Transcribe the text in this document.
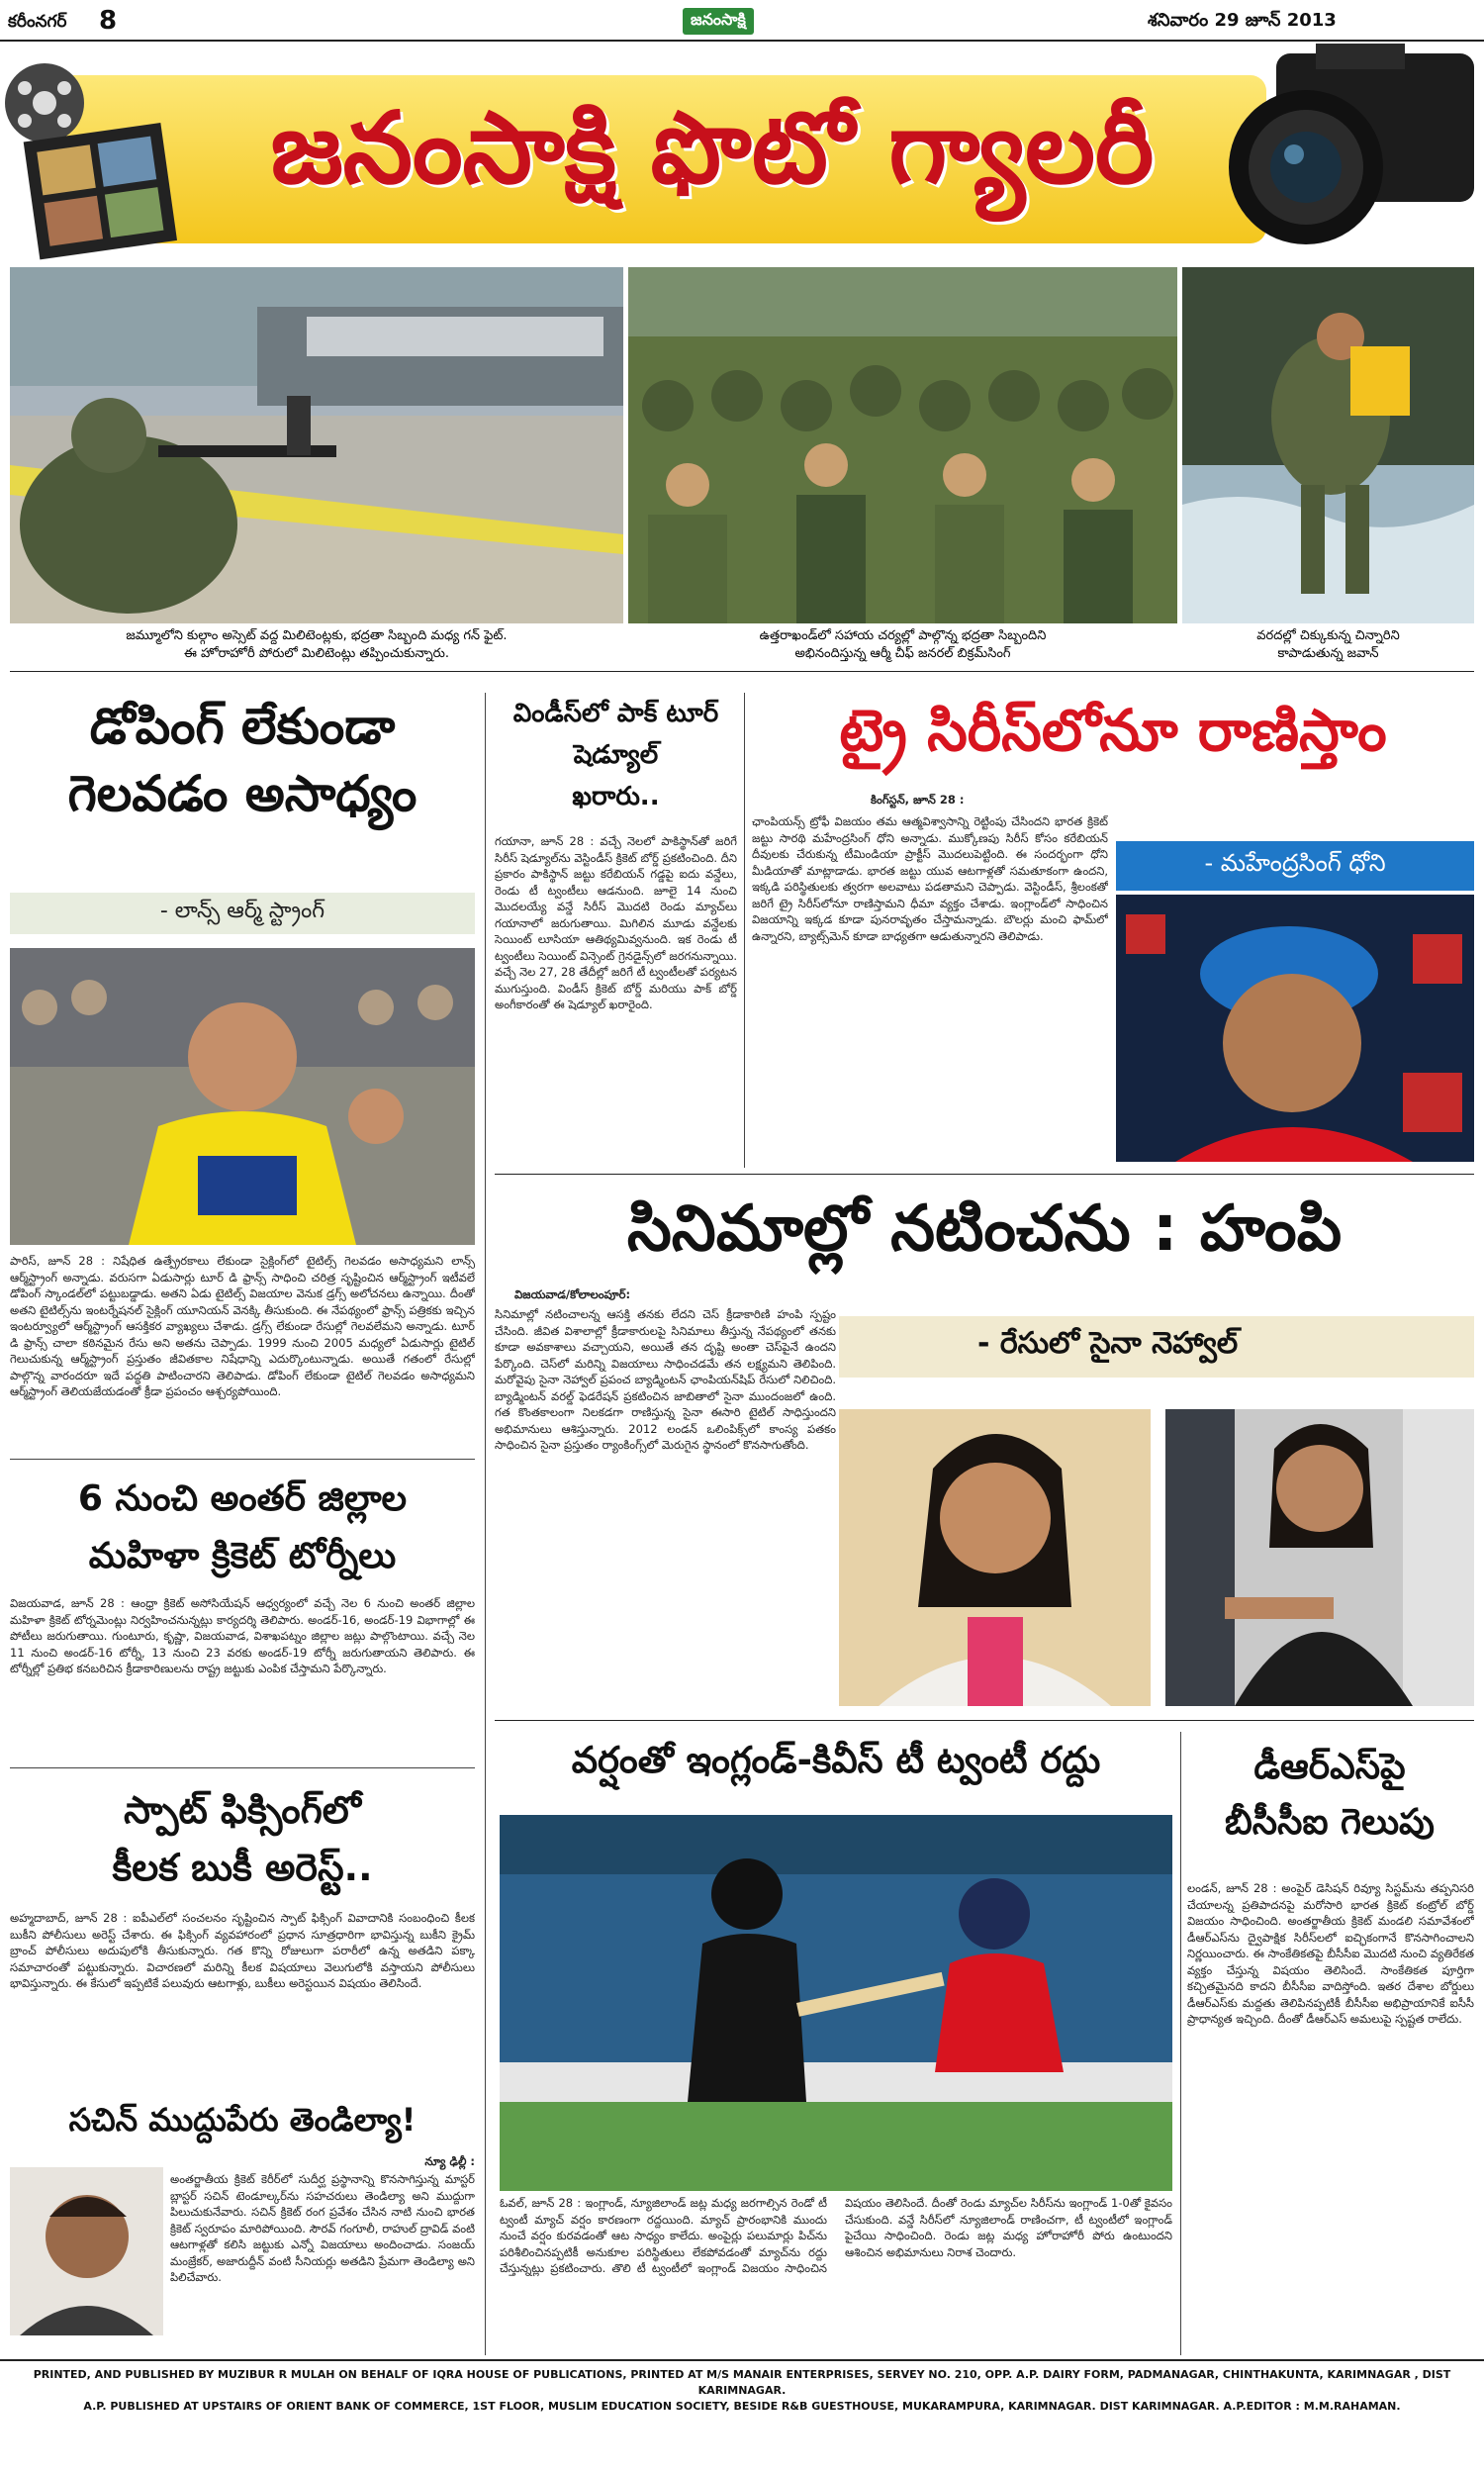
కరీంనగర్ 8	జనంసాక్షి	శనివారం 29 జూన్ 2013
జనంసాక్షి ఫొటో గ్యాలరీ
జమ్మూలోని కుల్గాం అస్సెట్ వద్ద మిలిటెంట్లకు, భద్రతా సిబ్బంది మధ్య గన్ ఫైట్.
ఈ హోరాహోరీ పోరులో మిలిటెంట్లు తప్పించుకున్నారు.
ఉత్తరాఖండ్‌లో సహాయ చర్యల్లో పాల్గొన్న భద్రతా సిబ్బందిని
అభినందిస్తున్న ఆర్మీ చీఫ్ జనరల్ బిక్రమ్‌సింగ్
వరదల్లో చిక్కుకున్న చిన్నారిని
కాపాడుతున్న జవాన్
డోపింగ్ లేకుండా
గెలవడం అసాధ్యం
- లాన్స్ ఆర్మ్ స్ట్రాంగ్
పారిస్, జూన్ 28 : నిషేధిత ఉత్ప్రేరకాలు లేకుండా సైక్లింగ్‌లో టైటిల్స్ గెలవడం అసాధ్యమని లాన్స్ ఆర్మ్‌స్ట్రాంగ్ అన్నాడు. వరుసగా ఏడుసార్లు టూర్ డి ఫ్రాన్స్ సాధించి చరిత్ర సృష్టించిన ఆర్మ్‌స్ట్రాంగ్ ఇటీవలే డోపింగ్ స్కాండల్‌లో పట్టుబడ్డాడు. అతని ఏడు టైటిల్స్ విజయాల వెనుక డ్రగ్స్ అలోచనలు ఉన్నాయి. దీంతో అతని టైటిల్స్‌ను ఇంటర్నేషనల్ సైక్లింగ్ యూనియన్ వెనక్కి తీసుకుంది. ఈ నేపథ్యంలో ఫ్రాన్స్ పత్రికకు ఇచ్చిన ఇంటర్వ్యూలో ఆర్మ్‌స్ట్రాంగ్ ఆసక్తికర వ్యాఖ్యలు చేశాడు. డ్రగ్స్ లేకుండా రేసుల్లో గెలవలేమని అన్నాడు. టూర్ డి ఫ్రాన్స్ చాలా కఠినమైన రేసు అని అతను చెప్పాడు. 1999 నుంచి 2005 మధ్యలో ఏడుసార్లు టైటిల్ గెలుచుకున్న ఆర్మ్‌స్ట్రాంగ్ ప్రస్తుతం జీవితకాల నిషేధాన్ని ఎదుర్కొంటున్నాడు. అయితే గతంలో రేసుల్లో పాల్గొన్న వారందరూ ఇదే పద్ధతి పాటించారని తెలిపాడు. డోపింగ్ లేకుండా టైటిల్ గెలవడం అసాధ్యమని ఆర్మ్‌స్ట్రాంగ్ తెలియజేయడంతో క్రీడా ప్రపంచం ఆశ్చర్యపోయింది.
6 నుంచి అంతర్ జిల్లాల
మహిళా క్రికెట్ టోర్నీలు
విజయవాడ, జూన్ 28 : ఆంధ్రా క్రికెట్ అసోసియేషన్ ఆధ్వర్యంలో వచ్చే నెల 6 నుంచి అంతర్ జిల్లాల మహిళా క్రికెట్ టోర్నమెంట్లు నిర్వహించనున్నట్లు కార్యదర్శి తెలిపారు. అండర్-16, అండర్-19 విభాగాల్లో ఈ పోటీలు జరుగుతాయి. గుంటూరు, కృష్ణా, విజయవాడ, విశాఖపట్నం జిల్లాల జట్లు పాల్గొంటాయి. వచ్చే నెల 11 నుంచి అండర్-16 టోర్నీ, 13 నుంచి 23 వరకు అండర్-19 టోర్నీ జరుగుతాయని తెలిపారు. ఈ టోర్నీల్లో ప్రతిభ కనబరిచిన క్రీడాకారిణులను రాష్ట్ర జట్టుకు ఎంపిక చేస్తామని పేర్కొన్నారు.
స్పాట్ ఫిక్సింగ్‌లో
కీలక బుకీ అరెస్ట్..
అహ్మదాబాద్, జూన్ 28 : ఐపీఎల్‌లో సంచలనం సృష్టించిన స్పాట్ ఫిక్సింగ్ వివాదానికి సంబంధించి కీలక బుకీని పోలీసులు అరెస్ట్ చేశారు. ఈ ఫిక్సింగ్ వ్యవహారంలో ప్రధాన సూత్రధారిగా భావిస్తున్న బుకీని క్రైమ్ బ్రాంచ్ పోలీసులు అదుపులోకి తీసుకున్నారు. గత కొన్ని రోజులుగా పరారీలో ఉన్న అతడిని పక్కా సమాచారంతో పట్టుకున్నారు. విచారణలో మరిన్ని కీలక విషయాలు వెలుగులోకి వస్తాయని పోలీసులు భావిస్తున్నారు. ఈ కేసులో ఇప్పటికే పలువురు ఆటగాళ్లు, బుకీలు అరెస్టయిన విషయం తెలిసిందే.
సచిన్ ముద్దుపేరు తెండిల్యా!
న్యూ ఢిల్లీ :
అంతర్జాతీయ క్రికెట్ కెరీర్‌లో సుదీర్ఘ ప్రస్థానాన్ని కొనసాగిస్తున్న మాస్టర్ బ్లాస్టర్ సచిన్ టెండూల్కర్‌ను సహచరులు తెండిల్యా అని ముద్దుగా పిలుచుకునేవారు. సచిన్ క్రికెట్ రంగ ప్రవేశం చేసిన నాటి నుంచి భారత క్రికెట్ స్వరూపం మారిపోయింది. సౌరవ్ గంగూలీ, రాహుల్ ద్రావిడ్ వంటి ఆటగాళ్లతో కలిసి జట్టుకు ఎన్నో విజయాలు అందించాడు. సంజయ్ మంజ్రేకర్, అజారుద్దీన్ వంటి సీనియర్లు అతడిని ప్రేమగా తెండిల్యా అని పిలిచేవారు.
విండీస్‌లో పాక్ టూర్
షెడ్యూల్
ఖరారు..
గయానా, జూన్ 28 : వచ్చే నెలలో పాకిస్థాన్‌తో జరిగే సిరీస్ షెడ్యూల్‌ను వెస్టిండీస్ క్రికెట్ బోర్డ్ ప్రకటించింది. దీని ప్రకారం పాకిస్థాన్ జట్టు కరేబియన్ గడ్డపై ఐదు వన్డేలు, రెండు టీ ట్వంటీలు ఆడనుంది. జూలై 14 నుంచి మొదలయ్యే వన్డే సిరీస్ మొదటి రెండు మ్యాచ్‌లు గయానాలో జరుగుతాయి. మిగిలిన మూడు వన్డేలకు సెయింట్ లూసియా ఆతిథ్యమివ్వనుంది. ఇక రెండు టీ ట్వంటీలు సెయింట్ విన్సెంట్ గ్రెనడైన్స్‌లో జరగనున్నాయి. వచ్చే నెల 27, 28 తేదీల్లో జరిగే టీ ట్వంటీలతో పర్యటన ముగుస్తుంది. విండీస్ క్రికెట్ బోర్డ్ మరియు పాక్ బోర్డ్ అంగీకారంతో ఈ షెడ్యూల్ ఖరారైంది.
ట్రై సిరీస్‌లోనూ రాణిస్తాం
కింగ్‌స్టన్, జూన్ 28 :
ఛాంపియన్స్ ట్రోఫీ విజయం తమ ఆత్మవిశ్వాసాన్ని రెట్టింపు చేసిందని భారత క్రికెట్ జట్టు సారథి మహేంద్రసింగ్ ధోని అన్నాడు. ముక్కోణపు సిరీస్ కోసం కరేబియన్ దీవులకు చేరుకున్న టీమిండియా ప్రాక్టీస్ మొదలుపెట్టింది. ఈ సందర్భంగా ధోని మీడియాతో మాట్లాడాడు. భారత జట్టు యువ ఆటగాళ్లతో సమతూకంగా ఉందని, ఇక్కడి పరిస్థితులకు త్వరగా అలవాటు పడతామని చెప్పాడు. వెస్టిండీస్, శ్రీలంకతో జరిగే ట్రై సిరీస్‌లోనూ రాణిస్తామని ధీమా వ్యక్తం చేశాడు. ఇంగ్లాండ్‌లో సాధించిన విజయాన్ని ఇక్కడ కూడా పునరావృతం చేస్తామన్నాడు. బౌలర్లు మంచి ఫామ్‌లో ఉన్నారని, బ్యాట్స్‌మెన్ కూడా బాధ్యతగా ఆడుతున్నారని తెలిపాడు.
- మహేంద్రసింగ్ ధోని
సినిమాల్లో నటించను : హంపి
విజయవాడ/కోలాలంపూర్:
సినిమాల్లో నటించాలన్న ఆసక్తి తనకు లేదని చెస్ క్రీడాకారిణి హంపి స్పష్టం చేసింది. జీవిత విశాలాల్లో క్రీడాకారులపై సినిమాలు తీస్తున్న నేపథ్యంలో తనకు కూడా అవకాశాలు వచ్చాయని, అయితే తన దృష్టి అంతా చెస్‌పైనే ఉందని పేర్కొంది. చెస్‌లో మరిన్ని విజయాలు సాధించడమే తన లక్ష్యమని తెలిపింది. మరోవైపు సైనా నెహ్వాల్ ప్రపంచ బ్యాడ్మింటన్ ఛాంపియన్‌షిప్ రేసులో నిలిచింది. బ్యాడ్మింటన్ వరల్డ్ ఫెడరేషన్ ప్రకటించిన జాబితాలో సైనా ముందంజలో ఉంది. గత కొంతకాలంగా నిలకడగా రాణిస్తున్న సైనా ఈసారి టైటిల్ సాధిస్తుందని అభిమానులు ఆశిస్తున్నారు. 2012 లండన్ ఒలింపిక్స్‌లో కాంస్య పతకం సాధించిన సైనా ప్రస్తుతం ర్యాంకింగ్స్‌లో మెరుగైన స్థానంలో కొనసాగుతోంది.
- రేసులో సైనా నెహ్వాల్
వర్షంతో ఇంగ్లండ్-కివీస్ టీ ట్వంటీ రద్దు
ఓవల్, జూన్ 28 : ఇంగ్లాండ్, న్యూజిలాండ్ జట్ల మధ్య జరగాల్సిన రెండో టీ ట్వంటీ మ్యాచ్ వర్షం కారణంగా రద్దయింది. మ్యాచ్ ప్రారంభానికి ముందు నుంచే వర్షం కురవడంతో ఆట సాధ్యం కాలేదు. అంపైర్లు పలుమార్లు పిచ్‌ను పరిశీలించినప్పటికీ అనుకూల పరిస్థితులు లేకపోవడంతో మ్యాచ్‌ను రద్దు చేస్తున్నట్లు ప్రకటించారు. తొలి టీ ట్వంటీలో ఇంగ్లాండ్ విజయం సాధించిన విషయం తెలిసిందే. దీంతో రెండు మ్యాచ్‌ల సిరీస్‌ను ఇంగ్లాండ్ 1-0తో కైవసం చేసుకుంది. వన్డే సిరీస్‌లో న్యూజిలాండ్ రాణించగా, టీ ట్వంటీలో ఇంగ్లాండ్ పైచేయి సాధించింది. రెండు జట్ల మధ్య హోరాహోరీ పోరు ఉంటుందని ఆశించిన అభిమానులు నిరాశ చెందారు.
డీఆర్ఎస్‌పై
బీసీసీఐ గెలుపు
లండన్, జూన్ 28 : అంపైర్ డెసిషన్ రివ్యూ సిస్టమ్‌ను తప్పనిసరి చేయాలన్న ప్రతిపాదనపై మరోసారి భారత క్రికెట్ కంట్రోల్ బోర్డ్ విజయం సాధించింది. అంతర్జాతీయ క్రికెట్ మండలి సమావేశంలో డీఆర్ఎస్‌ను ద్వైపాక్షిక సిరీస్‌లలో ఐచ్ఛికంగానే కొనసాగించాలని నిర్ణయించారు. ఈ సాంకేతికతపై బీసీసీఐ మొదటి నుంచి వ్యతిరేకత వ్యక్తం చేస్తున్న విషయం తెలిసిందే. సాంకేతికత పూర్తిగా కచ్చితమైనది కాదని బీసీసీఐ వాదిస్తోంది. ఇతర దేశాల బోర్డులు డీఆర్ఎస్‌కు మద్దతు తెలిపినప్పటికీ బీసీసీఐ అభిప్రాయానికే ఐసీసీ ప్రాధాన్యత ఇచ్చింది. దీంతో డీఆర్ఎస్ అమలుపై స్పష్టత రాలేదు.
PRINTED, AND PUBLISHED BY MUZIBUR R MULAH ON BEHALF OF IQRA HOUSE OF PUBLICATIONS, PRINTED AT M/S MANAIR ENTERPRISES, SERVEY NO. 210, OPP. A.P. DAIRY FORM, PADMANAGAR, CHINTHAKUNTA, KARIMNAGAR , DIST KARIMNAGAR.
A.P. PUBLISHED AT UPSTAIRS OF ORIENT BANK OF COMMERCE, 1ST FLOOR, MUSLIM EDUCATION SOCIETY, BESIDE R&B GUESTHOUSE, MUKARAMPURA, KARIMNAGAR. DIST KARIMNAGAR. A.P.EDITOR : M.M.RAHAMAN.
